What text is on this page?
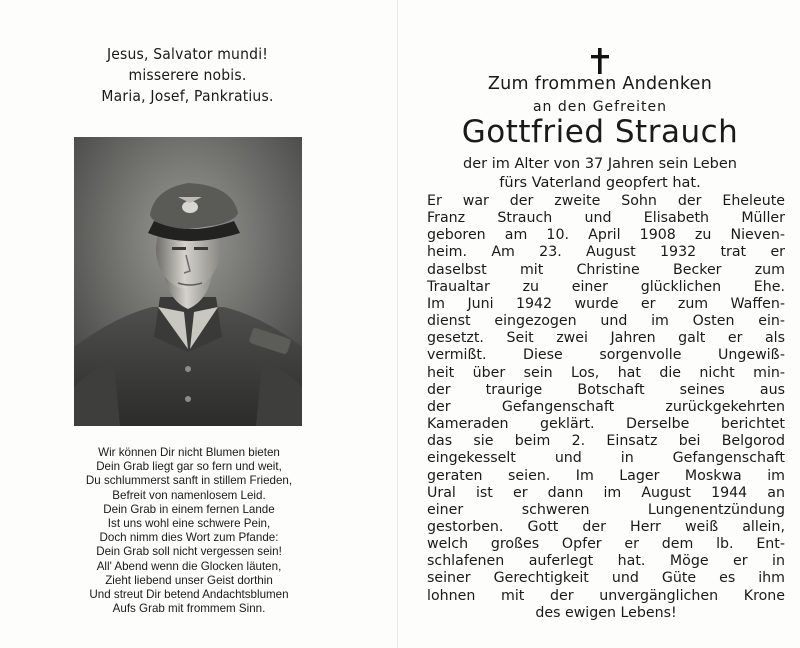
Jesus, Salvator mundi!
misserere nobis.
Maria, Josef, Pankratius.
Wir können Dir nicht Blumen bieten
Dein Grab liegt gar so fern und weit,
Du schlummerst sanft in stillem Frieden,
Befreit von namenlosem Leid.
Dein Grab in einem fernen Lande
Ist uns wohl eine schwere Pein,
Doch nimm dies Wort zum Pfande:
Dein Grab soll nicht vergessen sein!
All' Abend wenn die Glocken läuten,
Zieht liebend unser Geist dorthin
Und streut Dir betend Andachtsblumen
Aufs Grab mit frommem Sinn.
Zum frommen Andenken
an den Gefreiten
Gottfried Strauch
der im Alter von 37 Jahren sein Leben
fürs Vaterland geopfert hat.
Er war der zweite Sohn der Eheleute
Franz Strauch und Elisabeth Müller
geboren am 10. April 1908 zu Nieven-
heim. Am 23. August 1932 trat er
daselbst mit Christine Becker zum
Traualtar zu einer glücklichen Ehe.
Im Juni 1942 wurde er zum Waffen-
dienst eingezogen und im Osten ein-
gesetzt. Seit zwei Jahren galt er als
vermißt. Diese sorgenvolle Ungewiß-
heit über sein Los, hat die nicht min-
der traurige Botschaft seines aus
der Gefangenschaft zurückgekehrten
Kameraden geklärt. Derselbe berichtet
das sie beim 2. Einsatz bei Belgorod
eingekesselt und in Gefangenschaft
geraten seien. Im Lager Moskwa im
Ural ist er dann im August 1944 an
einer schweren Lungenentzündung
gestorben. Gott der Herr weiß allein,
welch großes Opfer er dem lb. Ent-
schlafenen auferlegt hat. Möge er in
seiner Gerechtigkeit und Güte es ihm
lohnen mit der unvergänglichen Krone
des ewigen Lebens!
